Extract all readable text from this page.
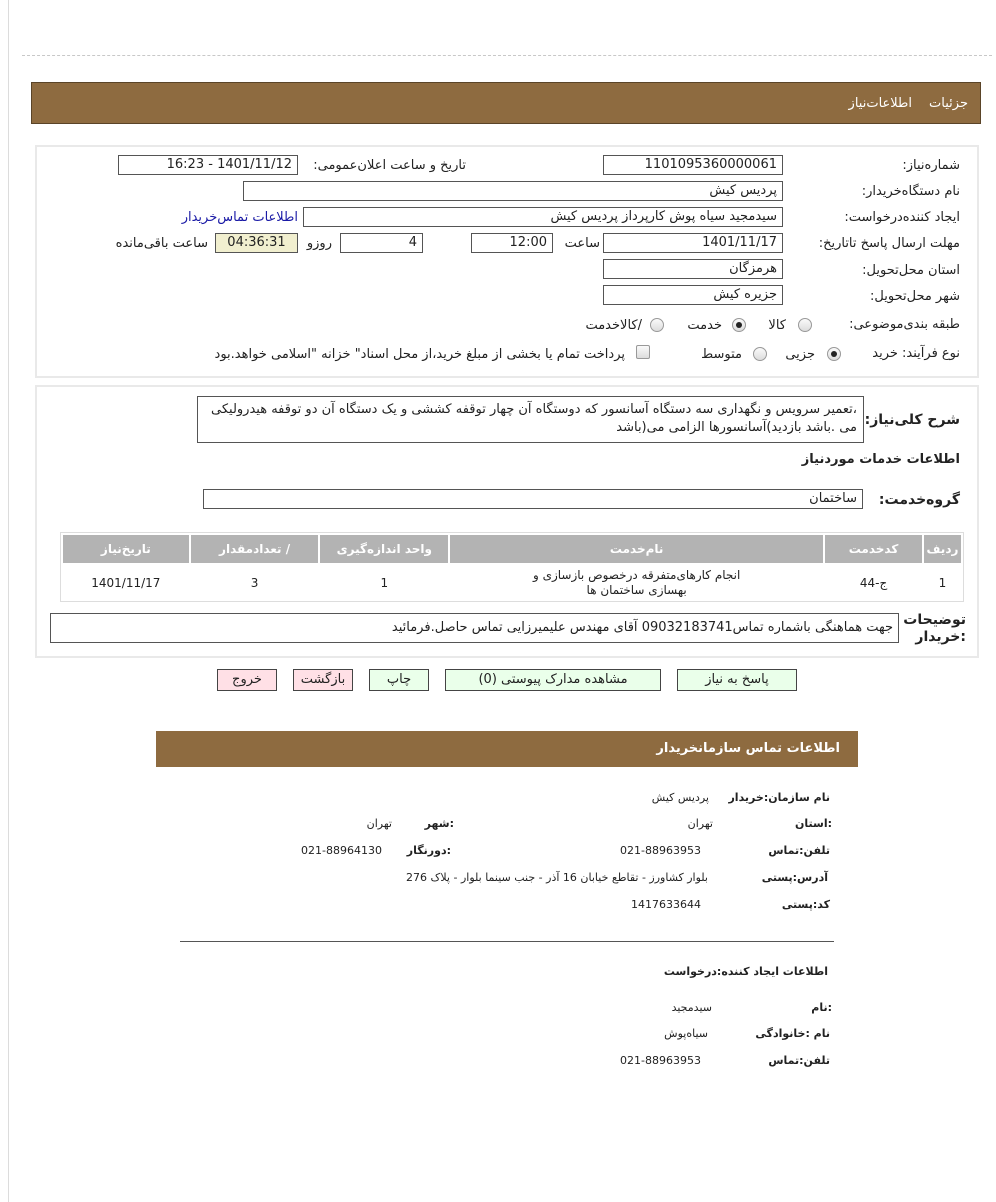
جزئیات
اطلاعات‌نیاز
شماره‌نیاز:
1101095360000061
تاریخ و ساعت اعلان‌عمومی:
1401/11/12 - 16:23
نام دستگاه‌خریدار:
پردیس کیش
ایجاد کننده‌درخواست:
سیدمجید سیاه پوش کارپرداز پردیس کیش
اطلاعات تماس‌خریدار
مهلت ارسال پاسخ تا‌تاریخ:
1401/11/17
ساعت
12:00
4
روزو
04:36:31
ساعت باقی‌مانده
استان محل‌تحویل:
هرمزگان
شهر محل‌تحویل:
جزیره کیش
طبقه بندی‌موضوعی:
کالا
خدمت
/کالاخدمت
نوع فرآیند: خرید
جزیی
متوسط
پرداخت تمام یا بخشی از مبلغ خرید،از محل اسناد" خزانه "اسلامی خواهد.بود
شرح کلی‌نیاز:
،تعمیر سرویس و نگهداری سه دستگاه آسانسور که دوستگاه آن چهار توقفه کششی و یک دستگاه آن دو توقفه هیدرولیکی می .باشد بازدید)آسانسورها الزامی می(باشد
اطلاعات خدمات موردنیاز
گروه‌خدمت:
ساختمان
ردیف	کدخدمت	نام‌خدمت	واحد اندازه‌گیری	/ تعدادمقدار	تاریخ‌نیاز
1	ج-44	انجام کارهای‌متفرقه درخصوص بازسازی و بهسازی ساختمان ها	1	3	1401/11/17
توضیحات :خریدار
جهت هماهنگی باشماره تماس09032183741 آقای مهندس علیمیرزایی تماس حاصل.فرمائید
پاسخ به نیاز
مشاهده مدارک پیوستی (0)
چاپ
بازگشت
خروج
اطلاعات تماس سازمانخریدار
نام سازمان:خریدار
پردیس کیش
:استان
تهران
:شهر
تهران
تلفن:تماس
021-88963953
:دورنگار
021-88964130
آدرس:پستی
بلوار کشاورز - تقاطع خیابان 16 آذر - جنب سینما بلوار - پلاک 276
کد:پستی
1417633644
اطلاعات ایجاد کننده:درخواست
:نام
سیدمجید
نام :خانوادگی
سیاه‌پوش
تلفن:تماس
021-88963953
